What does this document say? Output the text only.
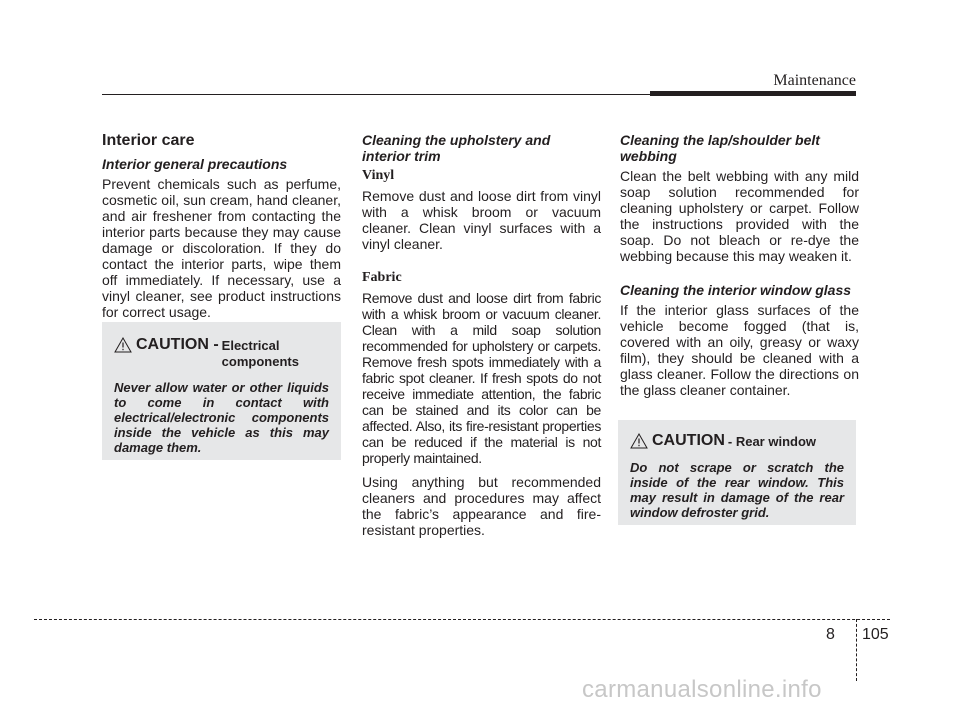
Maintenance
Interior care
Interior general precautions

Prevent chemicals such as perfume, cosmetic oil, sun cream, hand cleaner, and air freshener from contacting the interior parts because they may cause damage or discoloration. If they do contact the interior parts, wipe them off immediately. If necessary, use a vinyl cleaner, see product instructions for correct usage.

CAUTION - Electrical components
Never allow water or other liquids to come in contact with electrical/electronic components inside the vehicle as this may damage them.
Cleaning the upholstery and interior trim
Vinyl

Remove dust and loose dirt from vinyl with a whisk broom or vacuum cleaner. Clean vinyl surfaces with a vinyl cleaner.

Fabric

Remove dust and loose dirt from fabric with a whisk broom or vacuum cleaner. Clean with a mild soap solution recommended for upholstery or carpets. Remove fresh spots immediately with a fabric spot cleaner. If fresh spots do not receive immediate attention, the fabric can be stained and its color can be affected. Also, its fire-resistant properties can be reduced if the material is not properly maintained.

Using anything but recommended cleaners and procedures may affect the fabric’s appearance and fire-resistant properties.

Cleaning the lap/shoulder belt webbing

Clean the belt webbing with any mild soap solution recommended for cleaning upholstery or carpet. Follow the instructions provided with the soap. Do not bleach or re-dye the webbing because this may weaken it.

Cleaning the interior window glass

If the interior glass surfaces of the vehicle become fogged (that is, covered with an oily, greasy or waxy film), they should be cleaned with a glass cleaner. Follow the directions on the glass cleaner container.

CAUTION - Rear window
Do not scrape or scratch the inside of the rear window. This may result in damage of the rear window defroster grid.
8 105
carmanualsonline.info
